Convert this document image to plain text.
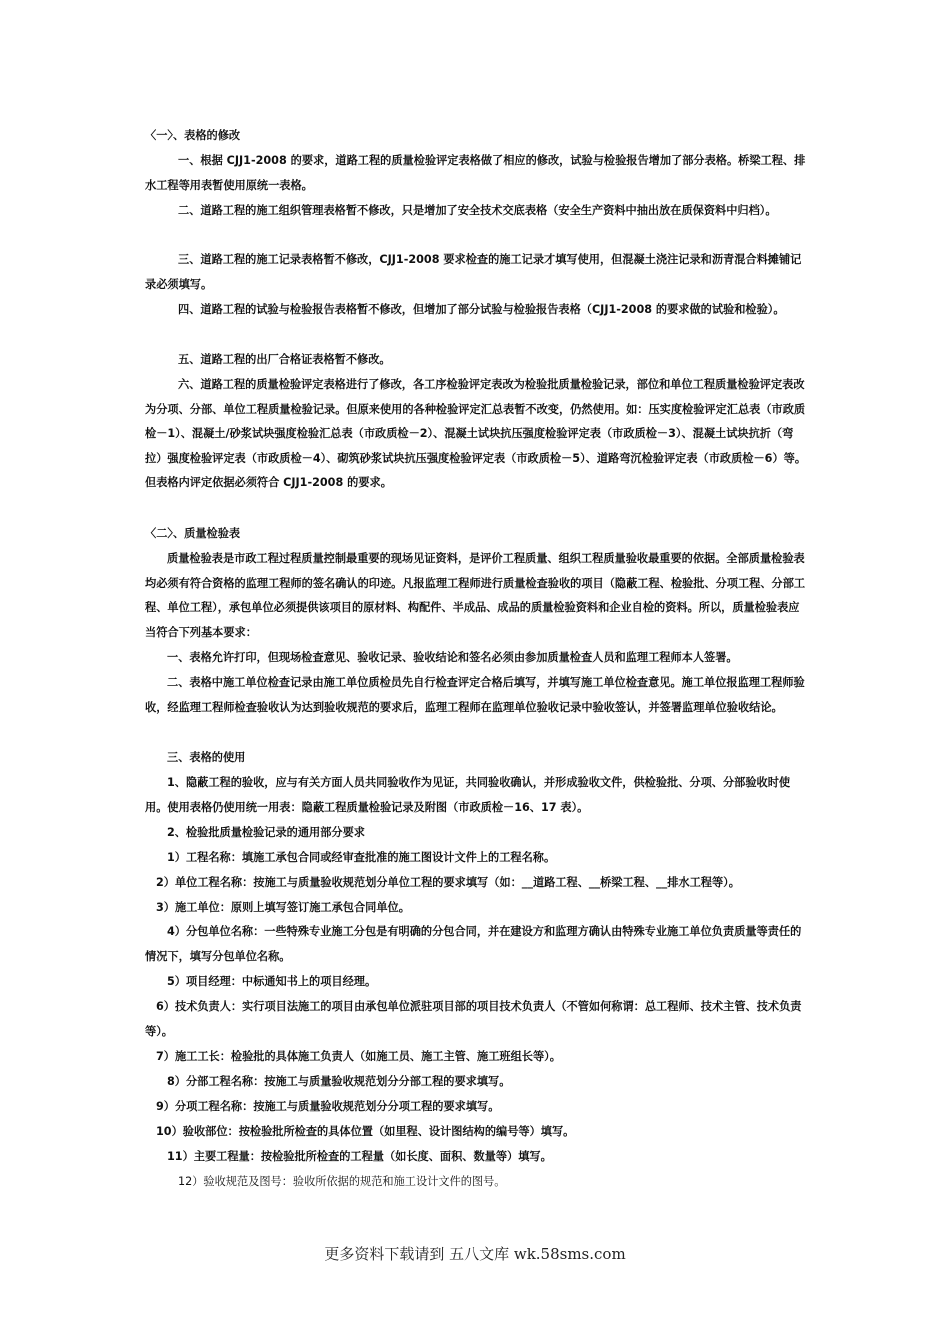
〈一〉、表格的修改
一、根据 CJJ1-2008 的要求，道路工程的质量检验评定表格做了相应的修改，试验与检验报告增加了部分表格。桥梁工程、排水工程等用表暂使用原统一表格。
二、道路工程的施工组织管理表格暂不修改，只是增加了安全技术交底表格（安全生产资料中抽出放在质保资料中归档）。
三、道路工程的施工记录表格暂不修改，CJJ1-2008 要求检查的施工记录才填写使用，但混凝土浇注记录和沥青混合料摊铺记录必须填写。
四、道路工程的试验与检验报告表格暂不修改，但增加了部分试验与检验报告表格（CJJ1-2008 的要求做的试验和检验）。
五、道路工程的出厂合格证表格暂不修改。
六、道路工程的质量检验评定表格进行了修改，各工序检验评定表改为检验批质量检验记录，部位和单位工程质量检验评定表改为分项、分部、单位工程质量检验记录。但原来使用的各种检验评定汇总表暂不改变，仍然使用。如：压实度检验评定汇总表（市政质检－1）、混凝土/砂浆试块强度检验汇总表（市政质检－2）、混凝土试块抗压强度检验评定表（市政质检－3）、混凝土试块抗折（弯拉）强度检验评定表（市政质检－4）、砌筑砂浆试块抗压强度检验评定表（市政质检－5）、道路弯沉检验评定表（市政质检－6）等。但表格内评定依据必须符合 CJJ1-2008 的要求。
〈二〉、质量检验表
质量检验表是市政工程过程质量控制最重要的现场见证资料，是评价工程质量、组织工程质量验收最重要的依据。全部质量检验表均必须有符合资格的监理工程师的签名确认的印迹。凡报监理工程师进行质量检查验收的项目（隐蔽工程、检验批、分项工程、分部工程、单位工程），承包单位必须提供该项目的原材料、构配件、半成品、成品的质量检验资料和企业自检的资料。所以，质量检验表应当符合下列基本要求：
一、表格允许打印，但现场检查意见、验收记录、验收结论和签名必须由参加质量检查人员和监理工程师本人签署。
二、表格中施工单位检查记录由施工单位质检员先自行检查评定合格后填写，并填写施工单位检查意见。施工单位报监理工程师验收，经监理工程师检查验收认为达到验收规范的要求后，监理工程师在监理单位验收记录中验收签认，并签署监理单位验收结论。
三、表格的使用
1、隐蔽工程的验收，应与有关方面人员共同验收作为见证，共同验收确认，并形成验收文件，供检验批、分项、分部验收时使用。使用表格仍使用统一用表：隐蔽工程质量检验记录及附图（市政质检－16、17 表）。
2、检验批质量检验记录的通用部分要求
1）工程名称：填施工承包合同或经审查批准的施工图设计文件上的工程名称。
2）单位工程名称：按施工与质量验收规范划分单位工程的要求填写（如：__道路工程、__桥梁工程、__排水工程等）。
3）施工单位：原则上填写签订施工承包合同单位。
4）分包单位名称：一些特殊专业施工分包是有明确的分包合同，并在建设方和监理方确认由特殊专业施工单位负责质量等责任的情况下，填写分包单位名称。
5）项目经理：中标通知书上的项目经理。
6）技术负责人：实行项目法施工的项目由承包单位派驻项目部的项目技术负责人（不管如何称谓：总工程师、技术主管、技术负责等）。
7）施工工长：检验批的具体施工负责人（如施工员、施工主管、施工班组长等）。
8）分部工程名称：按施工与质量验收规范划分分部工程的要求填写。
9）分项工程名称：按施工与质量验收规范划分分项工程的要求填写。
10）验收部位：按检验批所检查的具体位置（如里程、设计图结构的编号等）填写。
11）主要工程量：按检验批所检查的工程量（如长度、面积、数量等）填写。
12）验收规范及图号：验收所依据的规范和施工设计文件的图号。
更多资料下载请到 五八文库 wk.58sms.com
